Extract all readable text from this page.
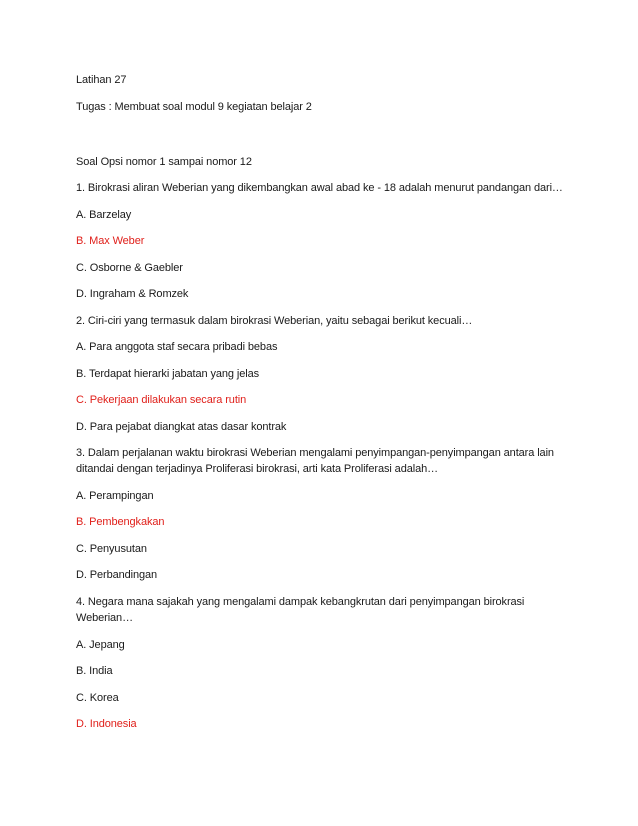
Latihan 27
Tugas : Membuat soal modul 9 kegiatan belajar 2
Soal Opsi nomor 1 sampai nomor 12
1. Birokrasi aliran Weberian yang dikembangkan awal abad ke - 18 adalah menurut pandangan dari…
A. Barzelay
B. Max Weber
C. Osborne & Gaebler
D. Ingraham & Romzek
2. Ciri-ciri yang termasuk dalam birokrasi Weberian, yaitu sebagai berikut kecuali…
A. Para anggota staf secara pribadi bebas
B. Terdapat hierarki jabatan yang jelas
C. Pekerjaan dilakukan secara rutin
D. Para pejabat diangkat atas dasar kontrak
3. Dalam perjalanan waktu birokrasi Weberian mengalami penyimpangan-penyimpangan antara lain
ditandai dengan terjadinya Proliferasi birokrasi, arti kata Proliferasi adalah…
A. Perampingan
B. Pembengkakan
C. Penyusutan
D. Perbandingan
4. Negara mana sajakah yang mengalami dampak kebangkrutan dari penyimpangan birokrasi
Weberian…
A. Jepang
B. India
C. Korea
D. Indonesia
